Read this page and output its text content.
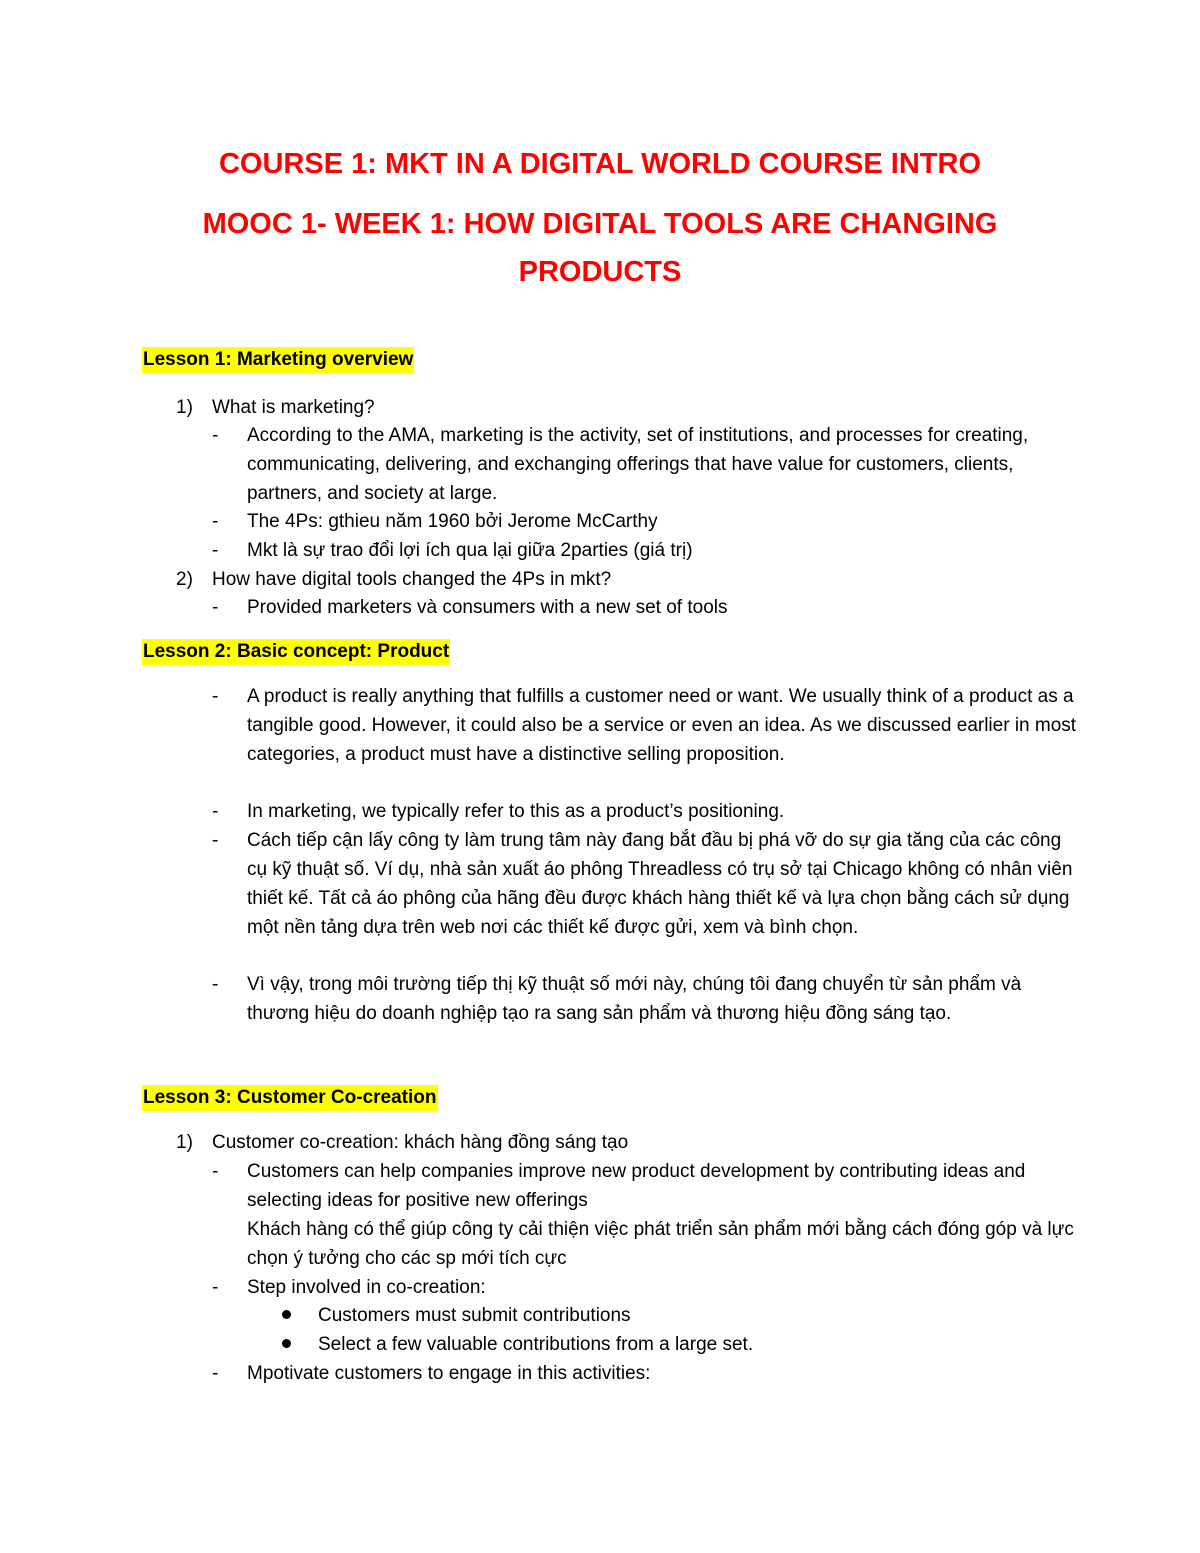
COURSE 1: MKT IN A DIGITAL WORLD COURSE INTRO
MOOC 1- WEEK 1: HOW DIGITAL TOOLS ARE CHANGING PRODUCTS

Lesson 1: Marketing overview

1) What is marketing?

- According to the AMA, marketing is the activity, set of institutions, and processes for creating, communicating, delivering, and exchanging offerings that have value for customers, clients, partners, and society at large.

- The 4Ps: gthieu năm 1960 bởi Jerome McCarthy

- Mkt là sự trao đổi lợi ích qua lại giữa 2parties (giá trị)

2) How have digital tools changed the 4Ps in mkt?

- Provided marketers và consumers with a new set of tools

Lesson 2: Basic concept: Product

- A product is really anything that fulfills a customer need or want. We usually think of a product as a tangible good. However, it could also be a service or even an idea. As we discussed earlier in most categories, a product must have a distinctive selling proposition.

- In marketing, we typically refer to this as a product’s positioning.

- Cách tiếp cận lấy công ty làm trung tâm này đang bắt đầu bị phá vỡ do sự gia tăng của các công cụ kỹ thuật số. Ví dụ, nhà sản xuất áo phông Threadless có trụ sở tại Chicago không có nhân viên thiết kế. Tất cả áo phông của hãng đều được khách hàng thiết kế và lựa chọn bằng cách sử dụng một nền tảng dựa trên web nơi các thiết kế được gửi, xem và bình chọn.

- Vì vậy, trong môi trường tiếp thị kỹ thuật số mới này, chúng tôi đang chuyển từ sản phẩm và thương hiệu do doanh nghiệp tạo ra sang sản phẩm và thương hiệu đồng sáng tạo.

Lesson 3: Customer Co-creation

1) Customer co-creation: khách hàng đồng sáng tạo

- Customers can help companies improve new product development by contributing ideas and selecting ideas for positive new offerings

Khách hàng có thể giúp công ty cải thiện việc phát triển sản phẩm mới bằng cách đóng góp và lực chọn ý tưởng cho các sp mới tích cực

- Step involved in co-creation:

Customers must submit contributions

Select a few valuable contributions from a large set.

- Mpotivate customers to engage in this activities:
